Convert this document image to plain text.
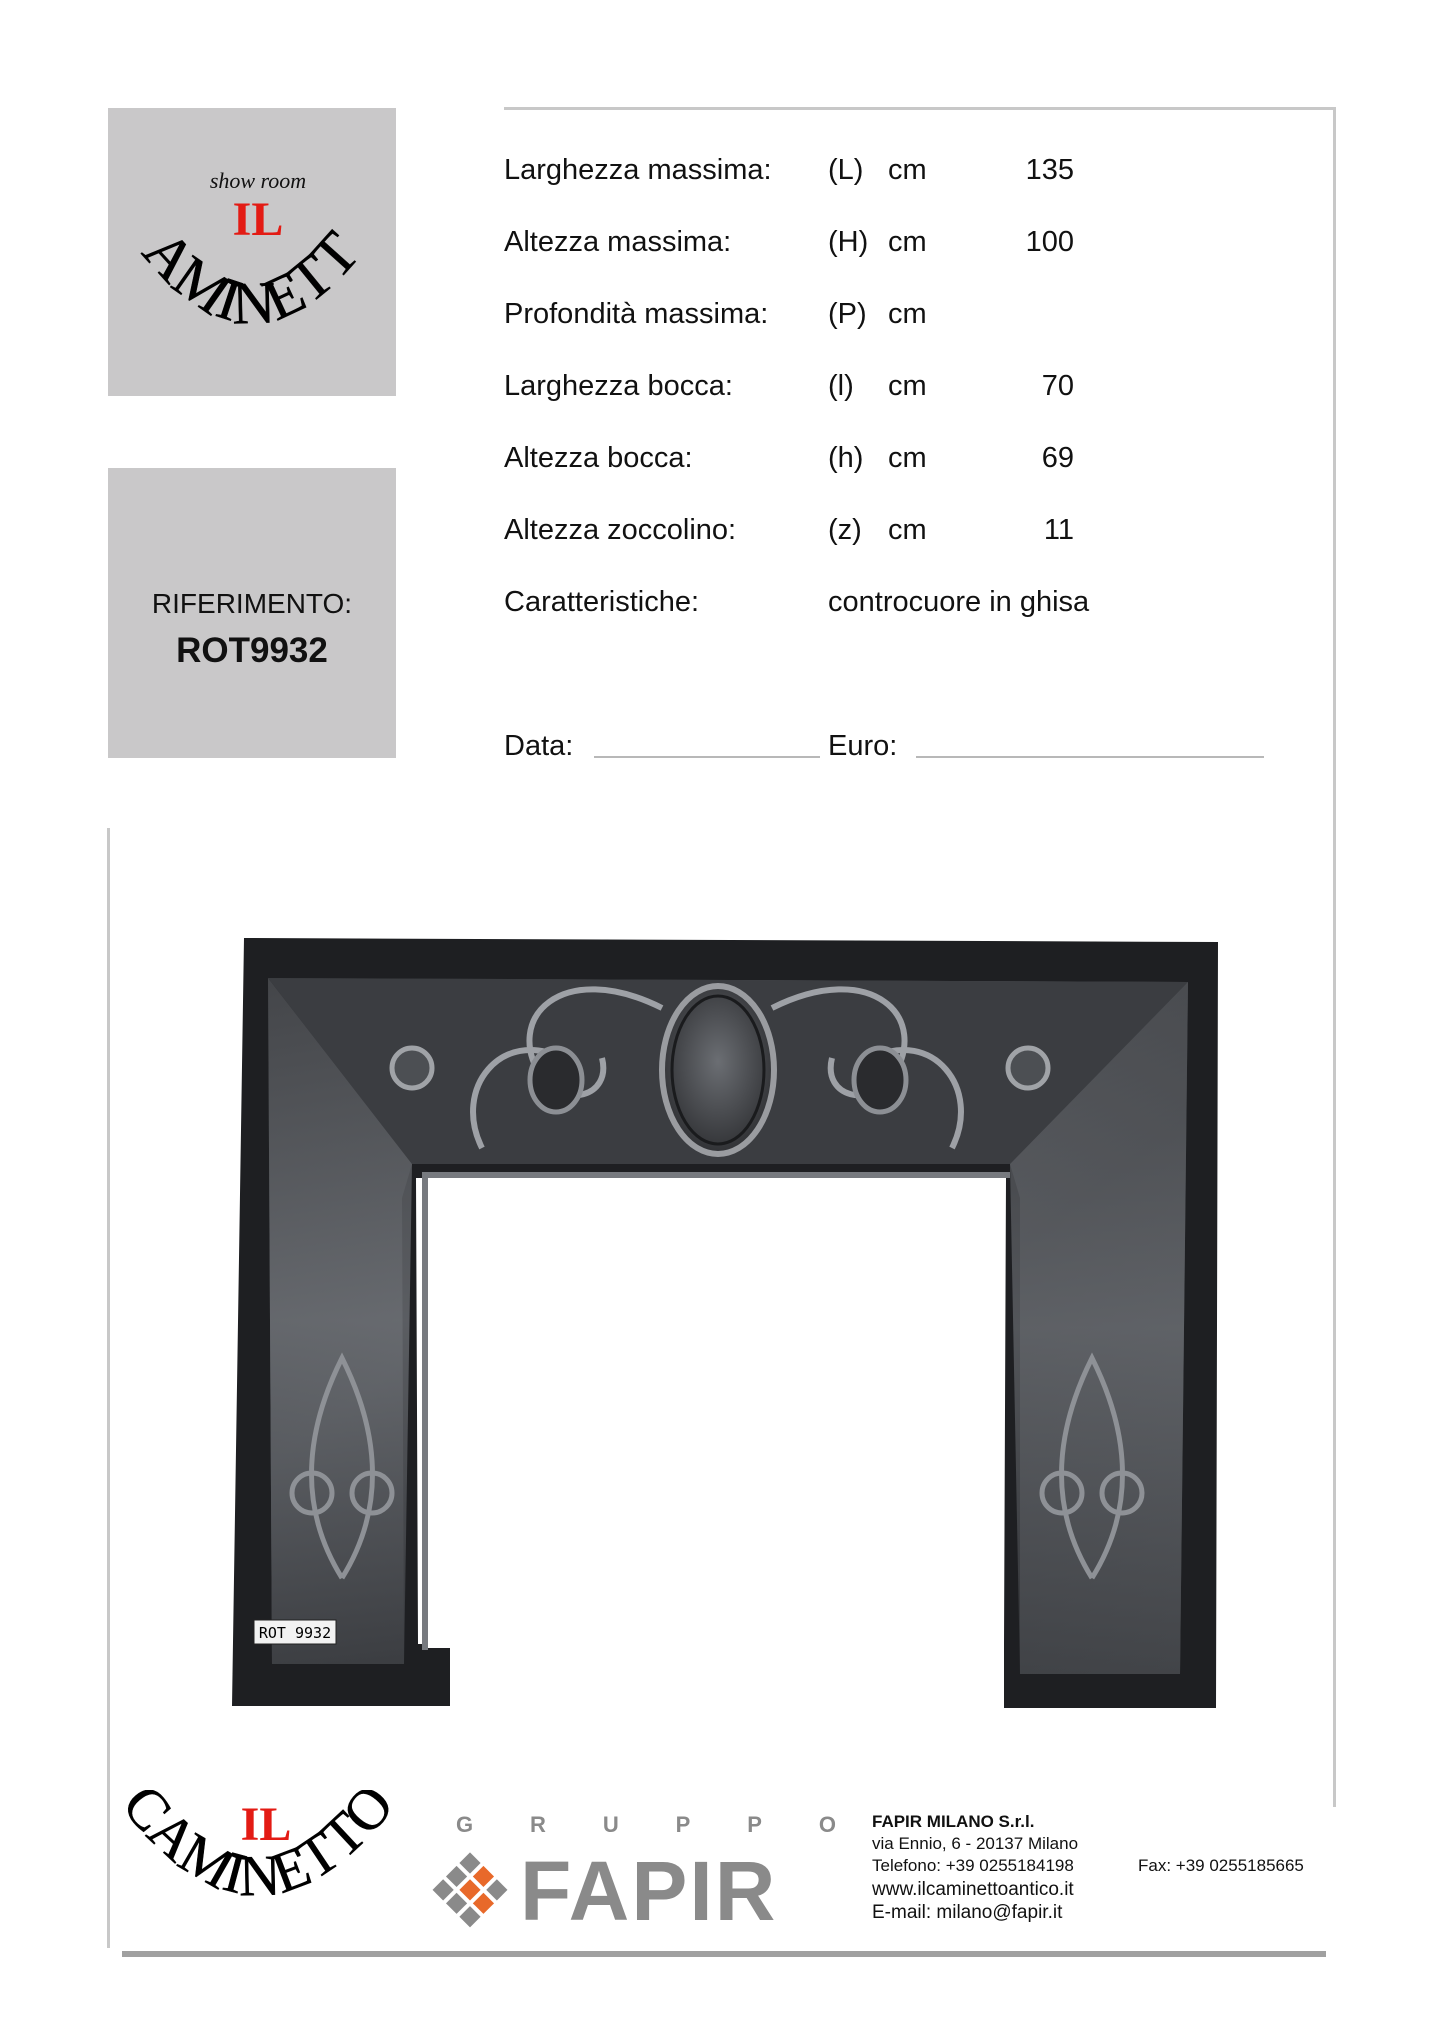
show room
IL
AMINETT
RIFERIMENTO:
ROT9932
Larghezza massima: (L) cm	135
Altezza massima:	(H) cm	100
Profondità massima: (P) cm
Larghezza bocca:	(l) cm	70
Altezza bocca:	(h) cm	69
Altezza zoccolino:	(z) cm	11
Caratteristiche:	controcuore in ghisa
Data:	Euro:
ROT 9932
IL
AMINETT	G	R	U	P	P	O
FAPIR
FAPIR MILANO S.r.l.
via Ennio, 6 - 20137 Milano
Telefono: +39 0255184198	Fax: +39 0255185665
www.ilcaminettoantico.it
E-mail: milano@fapir.it
